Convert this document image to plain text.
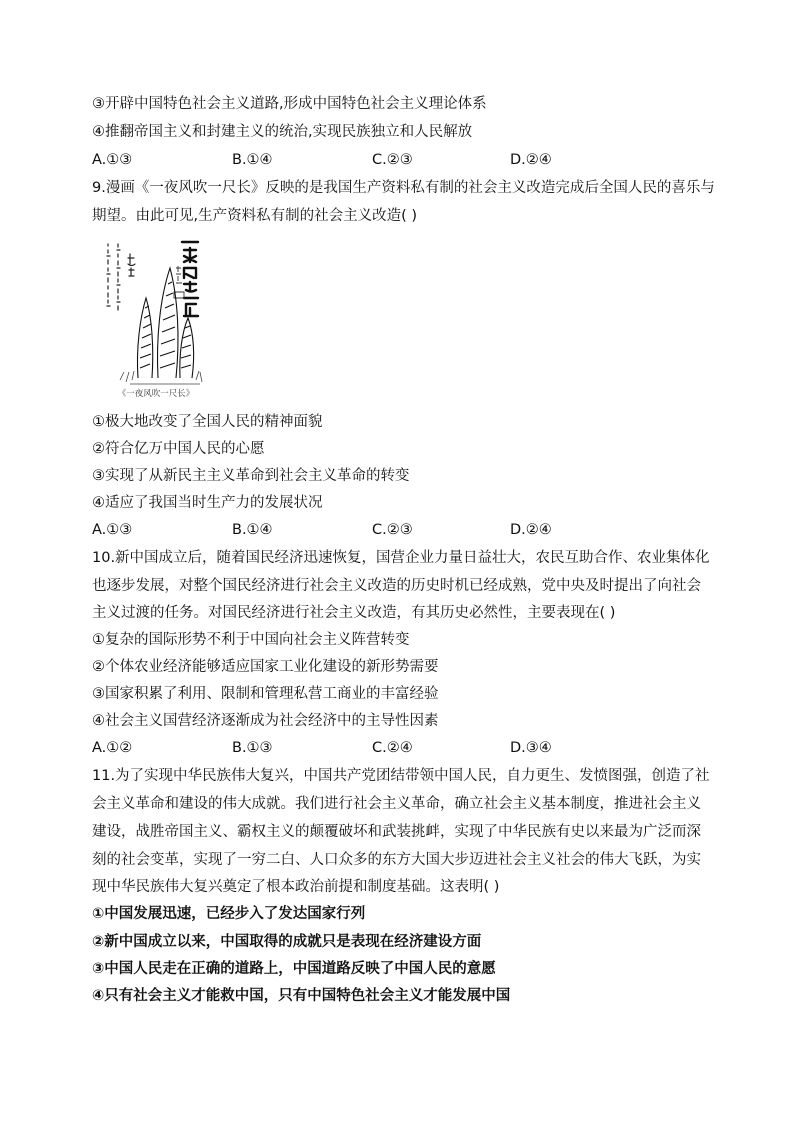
③开辟中国特色社会主义道路,形成中国特色社会主义理论体系
④推翻帝国主义和封建主义的统治,实现民族独立和人民解放
A.①③	B.①④	C.②③	D.②④
9.漫画《一夜风吹一尺长》反映的是我国生产资料私有制的社会主义改造完成后全国人民的喜乐与
期望。由此可见,生产资料私有制的社会主义改造( )
《一夜风吹一尺长》
①极大地改变了全国人民的精神面貌
②符合亿万中国人民的心愿
③实现了从新民主主义革命到社会主义革命的转变
④适应了我国当时生产力的发展状况
A.①③	B.①④	C.②③	D.②④
10.新中国成立后，随着国民经济迅速恢复，国营企业力量日益壮大，农民互助合作、农业集体化
也逐步发展，对整个国民经济进行社会主义改造的历史时机已经成熟，党中央及时提出了向社会
主义过渡的任务。对国民经济进行社会主义改造，有其历史必然性，主要表现在( )
①复杂的国际形势不利于中国向社会主义阵营转变
②个体农业经济能够适应国家工业化建设的新形势需要
③国家积累了利用、限制和管理私营工商业的丰富经验
④社会主义国营经济逐渐成为社会经济中的主导性因素
A.①②	B.①③	C.②④	D.③④
11.为了实现中华民族伟大复兴，中国共产党团结带领中国人民，自力更生、发愤图强，创造了社
会主义革命和建设的伟大成就。我们进行社会主义革命，确立社会主义基本制度，推进社会主义
建设，战胜帝国主义、霸权主义的颠覆破坏和武装挑衅，实现了中华民族有史以来最为广泛而深
刻的社会变革，实现了一穷二白、人口众多的东方大国大步迈进社会主义社会的伟大飞跃，为实
现中华民族伟大复兴奠定了根本政治前提和制度基础。这表明( )
①中国发展迅速，已经步入了发达国家行列
②新中国成立以来，中国取得的成就只是表现在经济建设方面
③中国人民走在正确的道路上，中国道路反映了中国人民的意愿
④只有社会主义才能救中国，只有中国特色社会主义才能发展中国
